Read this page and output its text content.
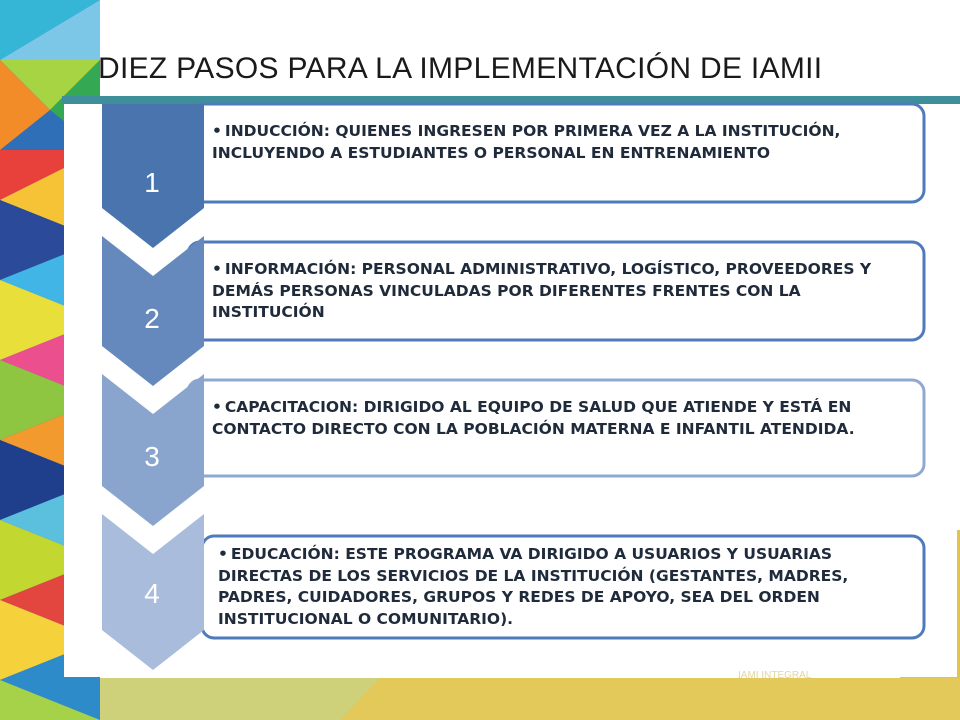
DIEZ PASOS PARA LA IMPLEMENTACIÓN DE IAMII
1
2
3
4
• INDUCCIÓN: QUIENES INGRESEN POR PRIMERA VEZ A LA INSTITUCIÓN, INCLUYENDO A ESTUDIANTES O PERSONAL EN ENTRENAMIENTO
• INFORMACIÓN: PERSONAL ADMINISTRATIVO, LOGÍSTICO, PROVEEDORES Y DEMÁS PERSONAS VINCULADAS POR DIFERENTES FRENTES CON LA INSTITUCIÓN
• CAPACITACION: DIRIGIDO AL EQUIPO DE SALUD QUE ATIENDE Y ESTÁ EN CONTACTO DIRECTO CON LA POBLACIÓN MATERNA E INFANTIL ATENDIDA.
• EDUCACIÓN: ESTE PROGRAMA VA DIRIGIDO A USUARIOS Y USUARIAS DIRECTAS DE LOS SERVICIOS DE LA INSTITUCIÓN (GESTANTES, MADRES, PADRES, CUIDADORES, GRUPOS Y REDES DE APOYO, SEA DEL ORDEN INSTITUCIONAL O COMUNITARIO).
IAMI INTEGRAL
